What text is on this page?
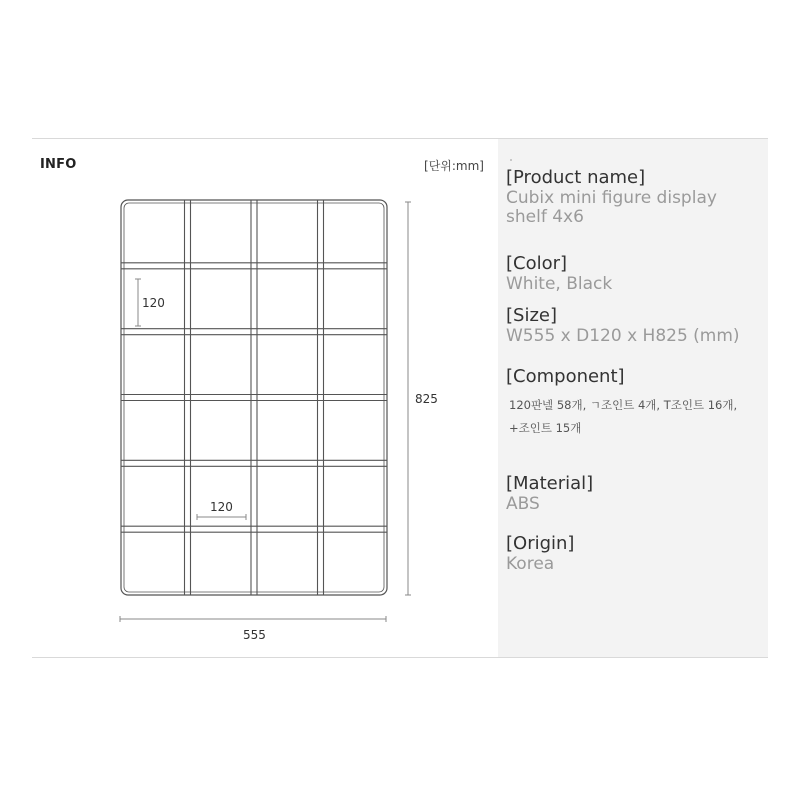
INFO	[단위:mm]
825
555
120
120
[Product name]
Cubix mini figure display shelf 4x6
[Color]
White, Black
[Size]
W555 x D120 x H825 (mm)
[Component]
120판넬 58개, ㄱ조인트 4개, T조인트 16개,
+조인트 15개
[Material]
ABS
[Origin]
Korea
